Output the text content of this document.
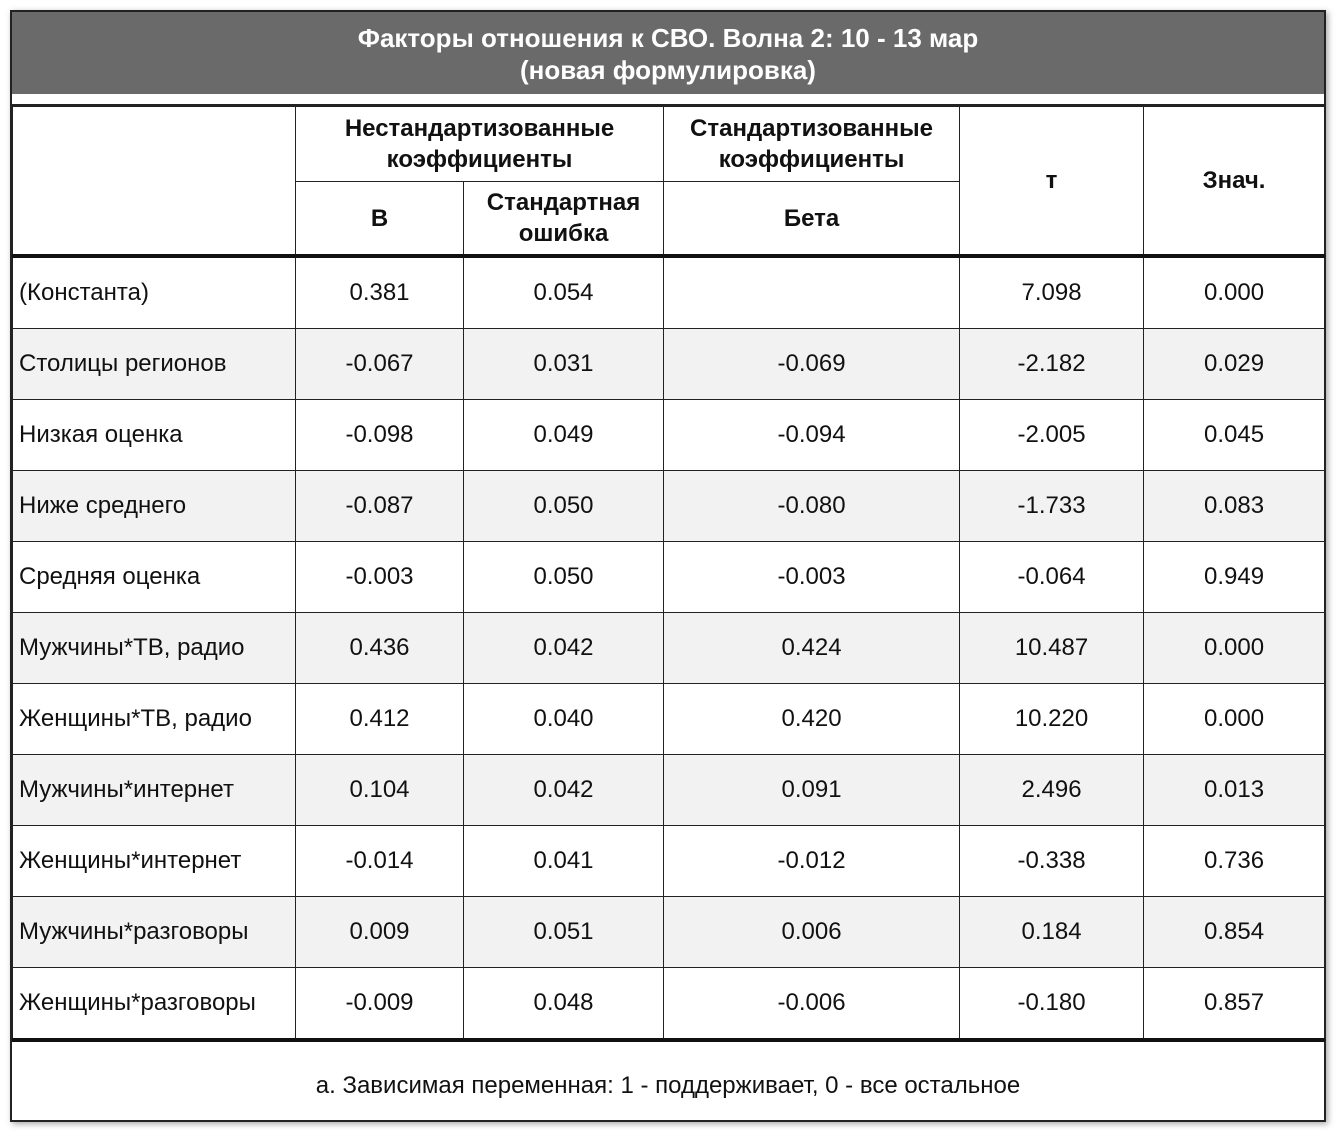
Факторы отношения к СВО. Волна 2: 10 - 13 мар
(новая формулировка)
	Нестандартизованные коэффициенты		Стандартизованные коэффициенты	т	Знач.
	B	Стандартная ошибка	Бета		
(Константа)	0.381	0.054		7.098	0.000
Столицы регионов	-0.067	0.031	-0.069	-2.182	0.029
Низкая оценка	-0.098	0.049	-0.094	-2.005	0.045
Ниже среднего	-0.087	0.050	-0.080	-1.733	0.083
Средняя оценка	-0.003	0.050	-0.003	-0.064	0.949
Мужчины*ТВ, радио	0.436	0.042	0.424	10.487	0.000
Женщины*ТВ, радио	0.412	0.040	0.420	10.220	0.000
Мужчины*интернет	0.104	0.042	0.091	2.496	0.013
Женщины*интернет	-0.014	0.041	-0.012	-0.338	0.736
Мужчины*разговоры	0.009	0.051	0.006	0.184	0.854
Женщины*разговоры	-0.009	0.048	-0.006	-0.180	0.857
a. Зависимая переменная: 1 - поддерживает, 0 - все остальное
